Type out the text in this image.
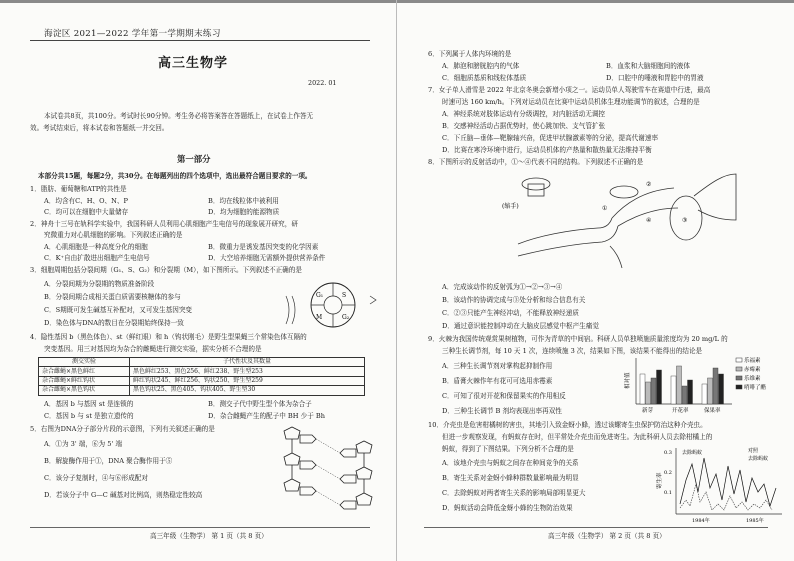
海淀区 2021—2022 学年第一学期期末练习
高三生物学
2022. 01
本试卷共8页，共100分。考试时长90分钟。考生务必将答案答在答题纸上，在试卷上作答无
效。考试结束后，将本试卷和答题纸一并交回。
第一部分
本部分共15题，每题2分，共30分。在每题列出的四个选项中，选出最符合题目要求的一项。
1．脂肪、葡萄糖和ATP的共性是
A．均含有C、H、O、N、P	B．均在线粒体中被利用
C．均可以在细胞中大量储存	D．均为细胞的能源物质
2．神舟十三号在轨科学实验中，我国科研人员利用心肌细胞产生电信号的现象展开研究，研
究微重力对心肌细胞的影响。下列叙述正确的是
A．心肌细胞是一种高度分化的细胞	B．微重力是诱发基因突变的化学因素
C．K⁺自由扩散进出细胞产生电信号	D．大空培养细胞无需额外提供营养条件
3．细胞周期包括分裂间期（G₁、S、G₂）和分裂期（M），如下图所示。下列叙述不正确的是
A．分裂间期为分裂期的物质准备阶段
B．分裂间期合成相关蛋白质需要核糖体的参与
C．S期既可发生碱基互补配对，又可发生基因突变
D．染色体与DNA的数目在分裂期始终保持一致
G₁	S
G₂
M
4．隐性基因 b（黑色体色）、st（鲜红眼）和 h（钩状刚毛）是野生型果蝇三个常染色体互隔的
突变基因。用三对基因均为杂合的雌蝇进行测交实验，据实分析不合理的是
测交实验	子代性状及其数量
杂合雌蝇×黑色鲜红	黑色鲜红253、黑色256、鲜红238、野生型253
杂合雌蝇×鲜红钩状	鲜红钩状245、鲜红256、钩状250、野生型259
杂合雌蝇×黑色钩状	黑色钩状25、黑色405、钩状405、野生型30
A．基因 b 与基因 st 是连锁的	B．测交子代中野生型个体为杂合子
C．基因 b 与 st 是独立遗传的	D．杂合雌蝇产生的配子中 BH 少于 Bh
5．右图为DNA分子部分片段的示意图，下列有关叙述正确的是
A．①为 3' 端，⑥为 5' 端
B．解旋酶作用于①，DNA 聚合酶作用于⑤
C．该分子复制时，④与⑥形成配对
D．若该分子中 G—C 碱基对比例高，则热稳定性较高
高三年级（生物学） 第 1 页（共 8 页）
6．下列属于人体内环境的是
A．肺泡和膀胱腔内的气体	B．血浆和大脑细胞间的液体
C．细胞质基质和线粒体基质	D．口腔中的唾液和胃腔中的胃液
7．女子单人滑雪是 2022 年北京冬奥会新增小项之一。运动员单人驾驶雪车在赛道中行进，最高
时速可达 160 km/h。下列对运动员在比赛中运动员机体生理功能调节的叙述，合理的是
A．神经系统对肢体运动有分级调控，对内脏活动无调控
B．交感神经活动占据优势时，使心跳加快、支气管扩张
C．下丘脑—垂体—靶腺轴兴奋，促进甲状腺激素等的分泌，提高代谢速率
D．比赛在寒冷环境中进行，运动员机体的产热量和散热量无法维持平衡
8．下图所示的反射活动中，①～④代表不同的结构。下列叙述不正确的是
(缩手)	①
②
③
④
A．完成该动作的反射弧为①→②→③→④
B．该动作的协调完成与③处分析和综合信息有关
C．②③只能产生神经冲动，不能释放神经递质
D．通过意识能控制冲动在大脑皮层感觉中枢产生痛觉
9．火棘为我国传统观赏果树植物，可作为青草的中间宿。科研人员单独喷施质量浓度均为 20 mg/L 的
三种生长调节剂，每 10 天 1 次，连续喷施 3 次，结果如下图，该结果不能得出的结论是
A．三种生长调节剂对掌构起抑制作用
B．盾膏火棘作年有花可可选用赤霉素
C．可知了很对开花和保留果实的作用相反
D．三种生长调节 B 剂均表现出率再双性
相对值
新芽	开花率	保果率
乐福素
赤霉素
乐维素
哨啡了醋
10．介壳虫是危害柑橘树的害虫，其地引入致金蚜小蜂，透过该螺寄生虫保护防治这种介壳虫。
但进一步观察发现，有蚂蚁存在时，但平常处介壳虫而免进寄生。为此科研人员去除柑橘上的
蚂蚁，得到了下图结果。下列分析不合理的是
A．该地介壳虫与蚂蚁之间存在种间竞争的关系
B．寄生关系对金蚜小蜂种群数量影响最为明显
C．去除蚂蚁对两者寄生关系的影响局部明显更大
D．蚂蚁活动会降低金蚜小蜂的生物防治效果
寄生率
0.3
0.2
0.1
去除蚂蚁	对照
去除蚂蚁
1984年	1985年
高三年级（生物学） 第 2 页（共 8 页）
